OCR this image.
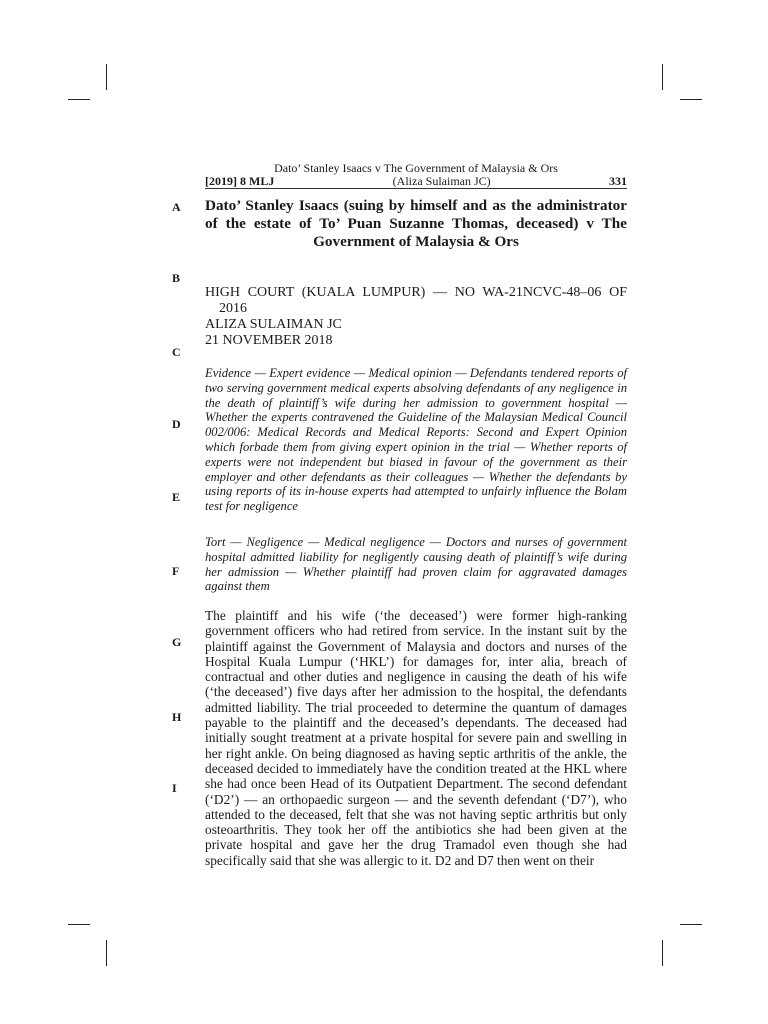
Dato’ Stanley Isaacs v The Government of Malaysia & Ors
[2019] 8 MLJ	(Aliza Sulaiman JC)	331
A
B
C
D
E
F
G
H
I
Dato’ Stanley Isaacs (suing by himself and as the administrator of the estate of To’ Puan Suzanne Thomas, deceased) v The Government of Malaysia & Ors
HIGH COURT (KUALA LUMPUR) — NO WA-21NCVC-48–06 OF
2016
ALIZA SULAIMAN JC
21 NOVEMBER 2018
Evidence — Expert evidence — Medical opinion — Defendants tendered reports of two serving government medical experts absolving defendants of any negligence in the death of plaintiff’s wife during her admission to government hospital — Whether the experts contravened the Guideline of the Malaysian Medical Council 002/006: Medical Records and Medical Reports: Second and Expert Opinion which forbade them from giving expert opinion in the trial — Whether reports of experts were not independent but biased in favour of the government as their employer and other defendants as their colleagues — Whether the defendants by using reports of its in-house experts had attempted to unfairly influence the Bolam test for negligence
Tort — Negligence — Medical negligence — Doctors and nurses of government hospital admitted liability for negligently causing death of plaintiff’s wife during her admission — Whether plaintiff had proven claim for aggravated damages against them
The plaintiff and his wife (‘the deceased’) were former high-ranking government officers who had retired from service. In the instant suit by the plaintiff against the Government of Malaysia and doctors and nurses of the Hospital Kuala Lumpur (‘HKL’) for damages for, inter alia, breach of contractual and other duties and negligence in causing the death of his wife (‘the deceased’) five days after her admission to the hospital, the defendants admitted liability. The trial proceeded to determine the quantum of damages payable to the plaintiff and the deceased’s dependants. The deceased had initially sought treatment at a private hospital for severe pain and swelling in her right ankle. On being diagnosed as having septic arthritis of the ankle, the deceased decided to immediately have the condition treated at the HKL where she had once been Head of its Outpatient Department. The second defendant (‘D2’) — an orthopaedic surgeon — and the seventh defendant (‘D7’), who attended to the deceased, felt that she was not having septic arthritis but only osteoarthritis. They took her off the antibiotics she had been given at the private hospital and gave her the drug Tramadol even though she had specifically said that she was allergic to it. D2 and D7 then went on their
